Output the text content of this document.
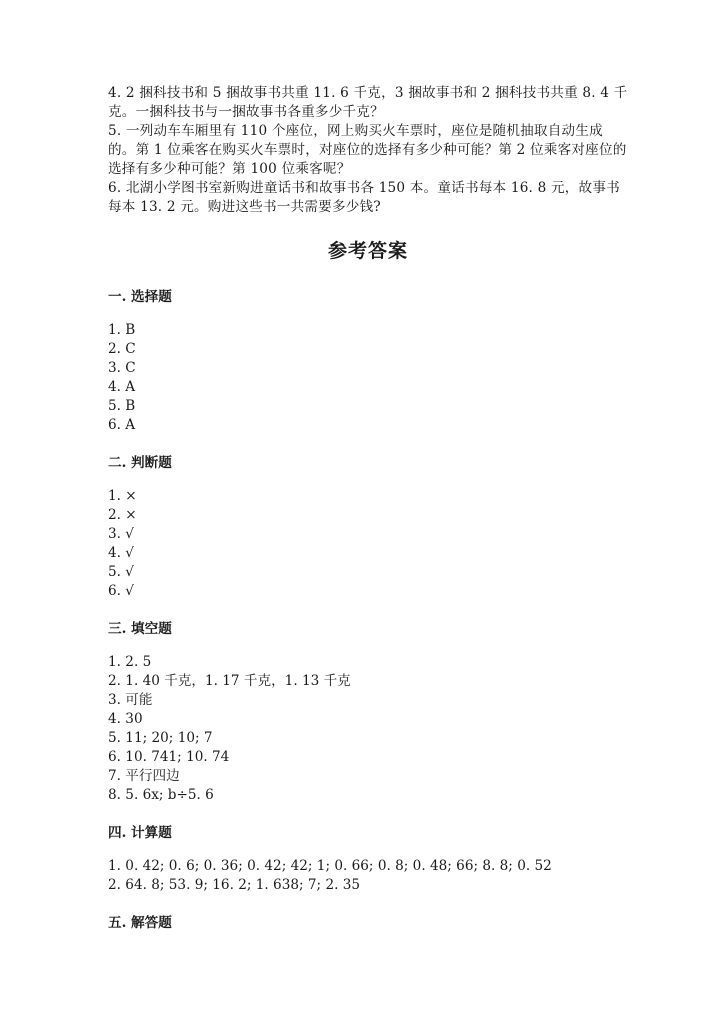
4. 2 捆科技书和 5 捆故事书共重 11. 6 千克，3 捆故事书和 2 捆科技书共重 8. 4 千克。一捆科技书与一捆故事书各重多少千克？

5. 一列动车车厢里有 110 个座位，网上购买火车票时，座位是随机抽取自动生成的。第 1 位乘客在购买火车票时，对座位的选择有多少种可能？第 2 位乘客对座位的选择有多少种可能？第 100 位乘客呢？

6. 北湖小学图书室新购进童话书和故事书各 150 本。童话书每本 16. 8 元，故事书每本 13. 2 元。购进这些书一共需要多少钱?

参考答案
一. 选择题
1. B
2. C
3. C
4. A
5. B
6. A
二. 判断题
1. ×
2. ×
3. √
4. √
5. √
6. √
三. 填空题
1. 2. 5
2. 1. 40 千克，1. 17 千克，1. 13 千克
3. 可能
4. 30
5. 11; 20; 10; 7
6. 10. 741; 10. 74
7. 平行四边
8. 5. 6x; b÷5. 6
四. 计算题
1. 0. 42; 0. 6; 0. 36; 0. 42; 42; 1; 0. 66; 0. 8; 0. 48; 66; 8. 8; 0. 52
2. 64. 8; 53. 9; 16. 2; 1. 638; 7; 2. 35
五. 解答题
